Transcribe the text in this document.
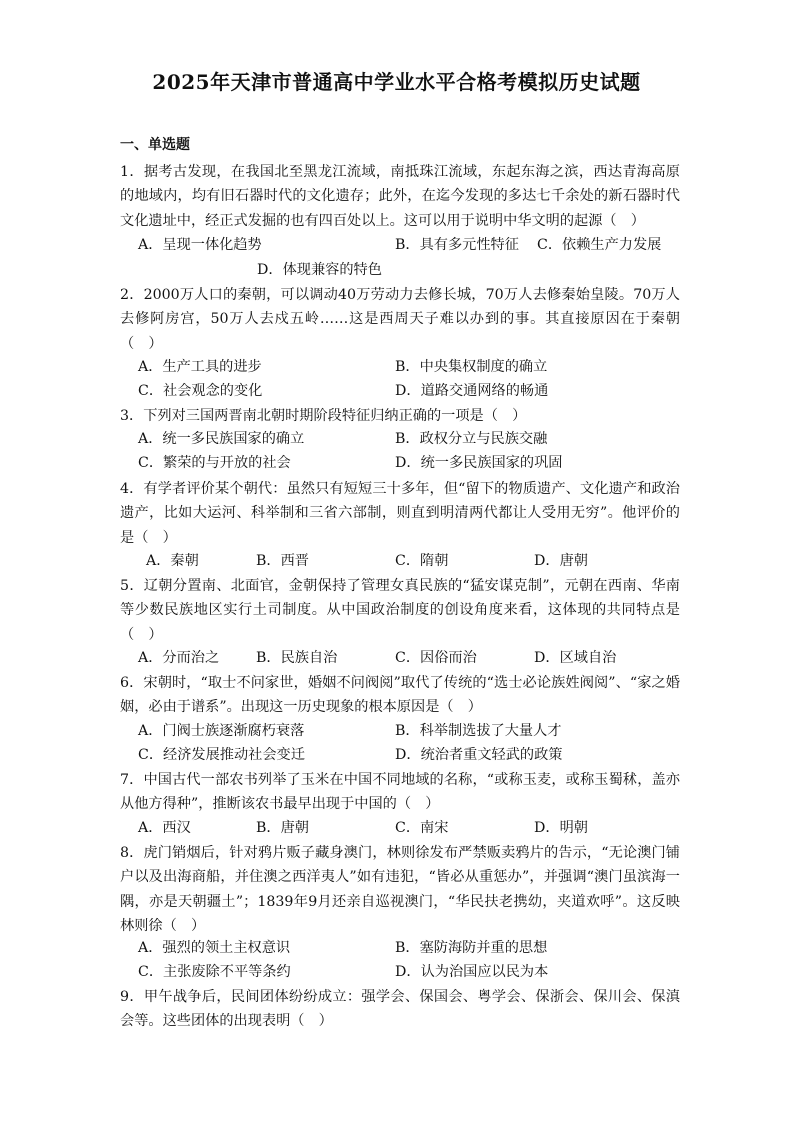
2025年天津市普通高中学业水平合格考模拟历史试题
一、单选题
1．据考古发现，在我国北至黑龙江流域，南抵珠江流域，东起东海之滨，西达青海高原的地域内，均有旧石器时代的文化遗存；此外，在迄今发现的多达七千余处的新石器时代文化遗址中，经正式发掘的也有四百处以上。这可以用于说明中华文明的起源（　）
A．呈现一体化趋势	B．具有多元性特征 C．依赖生产力发展
D．体现兼容的特色
2．2000万人口的秦朝，可以调动40万劳动力去修长城，70万人去修秦始皇陵。70万人去修阿房宫，50万人去戍五岭……这是西周天子难以办到的事。其直接原因在于秦朝（　）
A．生产工具的进步	B．中央集权制度的确立
C．社会观念的变化	D．道路交通网络的畅通
3．下列对三国两晋南北朝时期阶段特征归纳正确的一项是（　）
A．统一多民族国家的确立	B．政权分立与民族交融
C．繁荣的与开放的社会	D．统一多民族国家的巩固
4．有学者评价某个朝代：虽然只有短短三十多年，但“留下的物质遗产、文化遗产和政治遗产，比如大运河、科举制和三省六部制，则直到明清两代都让人受用无穷”。他评价的是（　）
A．秦朝	B．西晋	C．隋朝	D．唐朝
5．辽朝分置南、北面官，金朝保持了管理女真民族的“猛安谋克制”，元朝在西南、华南等少数民族地区实行土司制度。从中国政治制度的创设角度来看，这体现的共同特点是（　）
A．分而治之	B．民族自治	C．因俗而治	D．区域自治
6．宋朝时，“取士不问家世，婚姻不问阀阅”取代了传统的“选士必论族姓阀阅”、“家之婚姻，必由于谱系”。出现这一历史现象的根本原因是（　）
A．门阀士族逐渐腐朽衰落	B．科举制选拔了大量人才
C．经济发展推动社会变迁	D．统治者重文轻武的政策
7．中国古代一部农书列举了玉米在中国不同地域的名称，“或称玉麦，或称玉蜀秫，盖亦从他方得种”，推断该农书最早出现于中国的（　）
A．西汉	B．唐朝	C．南宋	D．明朝
8．虎门销烟后，针对鸦片贩子藏身澳门，林则徐发布严禁贩卖鸦片的告示，“无论澳门铺户以及出海商船，并住澳之西洋夷人”如有违犯，“皆必从重惩办”，并强调“澳门虽滨海一隅，亦是天朝疆土”；1839年9月还亲自巡视澳门，“华民扶老携幼，夹道欢呼”。这反映林则徐（　）
A．强烈的领土主权意识	B．塞防海防并重的思想
C．主张废除不平等条约	D．认为治国应以民为本
9．甲午战争后，民间团体纷纷成立：强学会、保国会、粤学会、保浙会、保川会、保滇会等。这些团体的出现表明（　）
